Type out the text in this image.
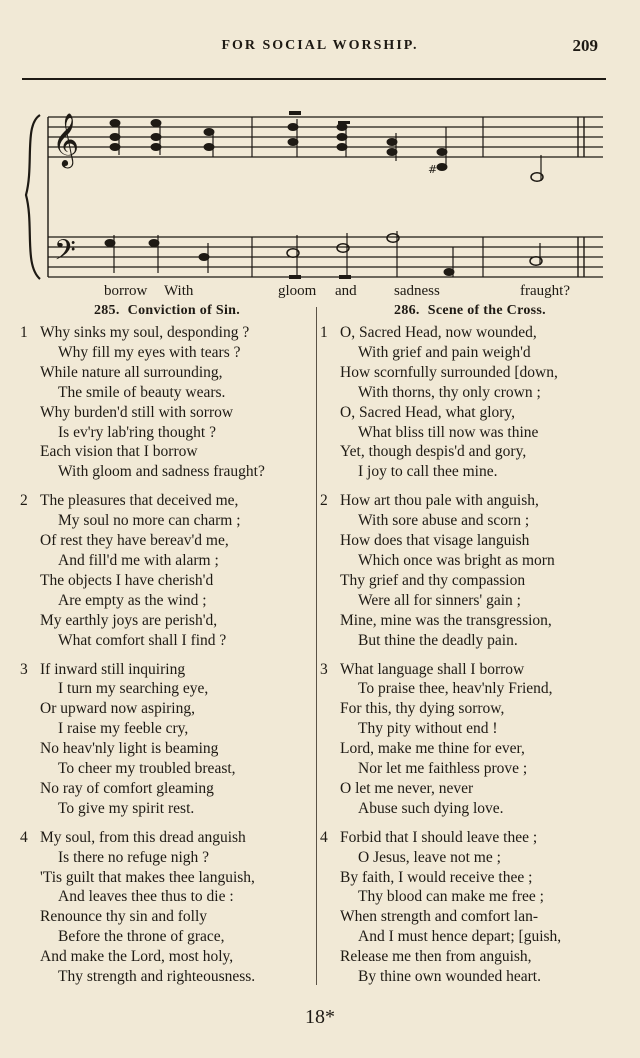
FOR SOCIAL WORSHIP.	209
𝄞
𝄢
#
borrow With	gloom and sadness	fraught?
285. Conviction of Sin.
1 Why sinks my soul, desponding ?
Why fill my eyes with tears ?
While nature all surrounding,
The smile of beauty wears.
Why burden'd still with sorrow
Is ev'ry lab'ring thought ?
Each vision that I borrow
With gloom and sadness fraught?
2 The pleasures that deceived me,
My soul no more can charm ;
Of rest they have bereav'd me,
And fill'd me with alarm ;
The objects I have cherish'd
Are empty as the wind ;
My earthly joys are perish'd,
What comfort shall I find ?
3 If inward still inquiring
I turn my searching eye,
Or upward now aspiring,
I raise my feeble cry,
No heav'nly light is beaming
To cheer my troubled breast,
No ray of comfort gleaming
To give my spirit rest.
4 My soul, from this dread anguish
Is there no refuge nigh ?
'Tis guilt that makes thee languish,
And leaves thee thus to die :
Renounce thy sin and folly
Before the throne of grace,
And make the Lord, most holy,
Thy strength and righteousness.
286. Scene of the Cross.
1 O, Sacred Head, now wounded,
With grief and pain weigh'd
How scornfully surrounded [down,
With thorns, thy only crown ;
O, Sacred Head, what glory,
What bliss till now was thine
Yet, though despis'd and gory,
I joy to call thee mine.
2 How art thou pale with anguish,
With sore abuse and scorn ;
How does that visage languish
Which once was bright as morn
Thy grief and thy compassion
Were all for sinners' gain ;
Mine, mine was the transgression,
But thine the deadly pain.
3 What language shall I borrow
To praise thee, heav'nly Friend,
For this, thy dying sorrow,
Thy pity without end !
Lord, make me thine for ever,
Nor let me faithless prove ;
O let me never, never
Abuse such dying love.
4 Forbid that I should leave thee ;
O Jesus, leave not me ;
By faith, I would receive thee ;
Thy blood can make me free ;
When strength and comfort lan-
And I must hence depart; [guish,
Release me then from anguish,
By thine own wounded heart.
18*
